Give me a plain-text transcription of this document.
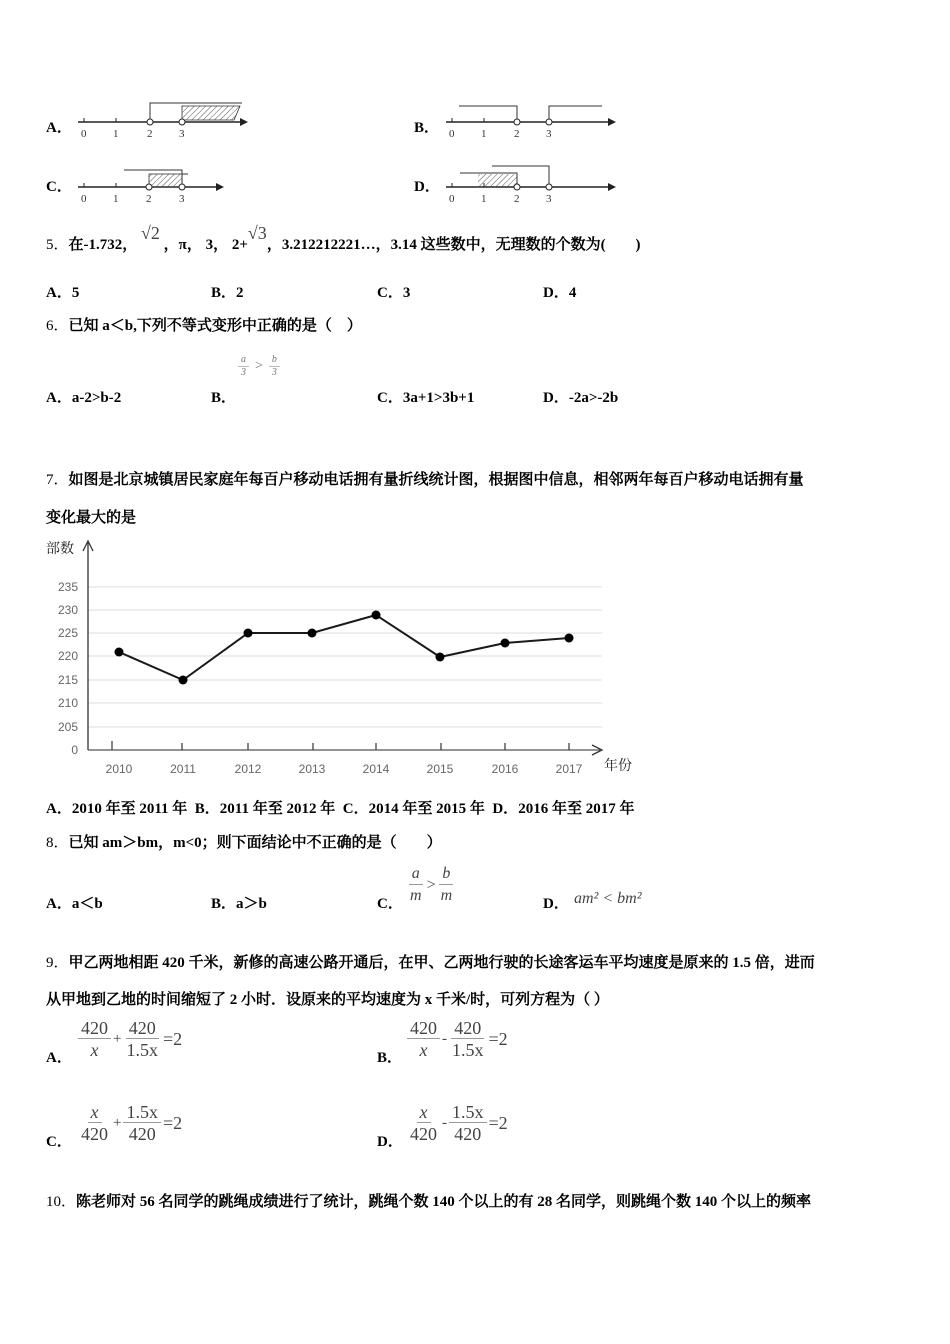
A． 0 1	2 3	B． 0 1	2 3
C．
0 1	2	3
D．
0 1	2 3
5．在-1.732， √2 ，π， 3， 2+√3，3.212212221…，3.14 这些数中，无理数的个数为(　　)
A．5	B．2	C．3	D．4
6．已知 a＜b,下列不等式变形中正确的是（　）
A．a-2>b-2	B．
$\frac{a}{3} > \frac{b}{3}$
C．3a+1>3b+1	D．-2a>-2b
7．如图是北京城镇居民家庭年每百户移动电话拥有量折线统计图，根据图中信息，相邻两年每百户移动电话拥有量
变化最大的是
235
230
225
220
215
210
205
0
2010	2011	2012	2013	2014	2015	2016	2017
部数
年份
A．2010 年至 2011 年 B．2011 年至 2012 年 C．2014 年至 2015 年 D．2016 年至 2017 年
8．已知 am＞bm，m<0；则下面结论中不正确的是（　　）
A．a＜b	B．a＞b	C． $\frac{a}{m} > \frac{b}{m}$	D． am² < bm²
9．甲乙两地相距 420 千米，新修的高速公路开通后，在甲、乙两地行驶的长途客运车平均速度是原来的 1.5 倍，进而
从甲地到乙地的时间缩短了 2 小时．设原来的平均速度为 x 千米/时，可列方程为（ ）
A． $\frac{420}{x} + \frac{420}{1.5x} =2$
B． $\frac{420}{x} - \frac{420}{1.5x} =2$
C． $\frac{x}{420} + \frac{1.5x}{420} =2$
D． $\frac{x}{420} - \frac{1.5x}{420} =2$
10．陈老师对 56 名同学的跳绳成绩进行了统计，跳绳个数 140 个以上的有 28 名同学，则跳绳个数 140 个以上的频率
